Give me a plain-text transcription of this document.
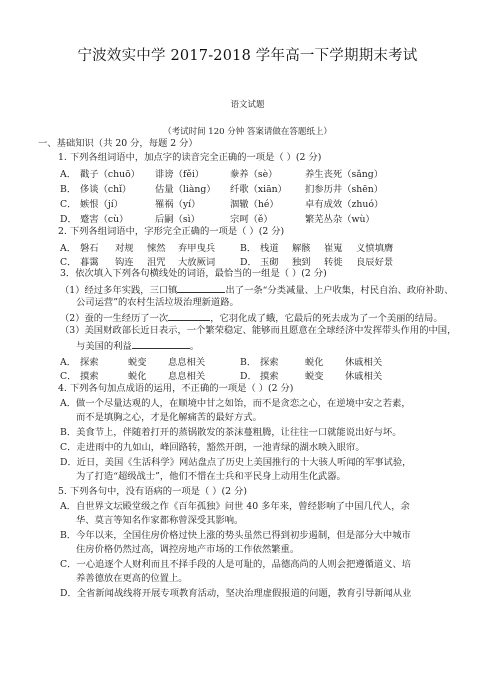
宁波效实中学 2017-2018 学年高一下学期期末考试
语文试题
（考试时间 120 分钟 答案请做在答题纸上）
一、基础知识（共 20 分，每题 2 分）
1. 下列各组词语中，加点字的读音完全正确的一项是（ ）(2 分)
A． 戳子（chuō） 诽谤（fěi）	豢养（sè）	养生丧死（sǎng）
B． 侈谈（chǐ）	估量（liàng） 纤歌（xiān） 扪参历井（shēn）
C． 嫉恨（jí）	罹祸（yí）	涸辙（hé）	卓有成效（zhuó）
D． 蹙害（cù）	后嗣（sì）	宗呵（ě）	繁芜丛杂（wù）
2. 下列各组词语中，字形完全正确的一项是（ ）(2 分)
A． 磐石 对规 悚然 弃甲曳兵	B． 栈道 解骸 崔嵬 义愤填膺
C． 暮霭 钩连 沮咒 大放厥词	D． 玉砌 独到 转徙 良辰好景
3．依次填入下列各句横线处的词语，最恰当的一组是（ ）(2 分)
（1）经过多年实践，三口镇	出了一条“分类减量、上户收集，村民自治、政府补助、
公司运营”的农村生活垃圾治理新道路。
（2）蚕的一生经历了一次	，它羽化成了蛾，它最后的死去成为了一个美丽的结局。
（3）美国财政部长近日表示，一个繁荣稳定、能够而且愿意在全球经济中发挥带头作用的中国，
与美国的利益	。
A． 探索	蜕变 息息相关	B． 探索	蜕化 休戚相关
C． 摸索	蜕化 息息相关	D． 摸索	蜕变 休戚相关
4. 下列各句加点成语的运用，不正确的一项是（ ）(2 分)
A．做一个尽量达观的人，在顺境中甘之如饴，而不是贪恋之心，在逆境中安之若素，
而不是填胸之心，才是化解痛苦的最好方式。
B．美食节上，伴随着打开的蒸锅散发的茶沫蔓粗腾，让往往一口就能说出好与坏。
C．走进雨中的九如山，峰回路转，豁然开朗，一池青绿的湖水映入眼帘。
D．近日，美国《生活科学》网站盘点了历史上美国推行的十大骇人听闻的军事试验，
为了打造“超级战士”，他们不惜在士兵和平民身上动用生化武器。
5. 下列各句中，没有语病的一项是（ ）(2 分)
A．自世界文坛殿堂级之作《百年孤独》问世 40 多年来，曾经影响了中国几代人，余
华、莫言等知名作家都称曾深受其影响。
B．今年以来，全国住房价格过快上涨的势头虽然已得到初步遏制，但是部分大中城市
住房价格仍然过高，调控房地产市场的工作依然繁重。
C．一心追逐个人财利而且不择手段的人是可耻的，品德高尚的人则会把遵循道义、培
养善德放在更高的位置上。
D．全省新闻战线将开展专项教育活动，坚决治理虚假报道的问题，教育引导新闻从业
